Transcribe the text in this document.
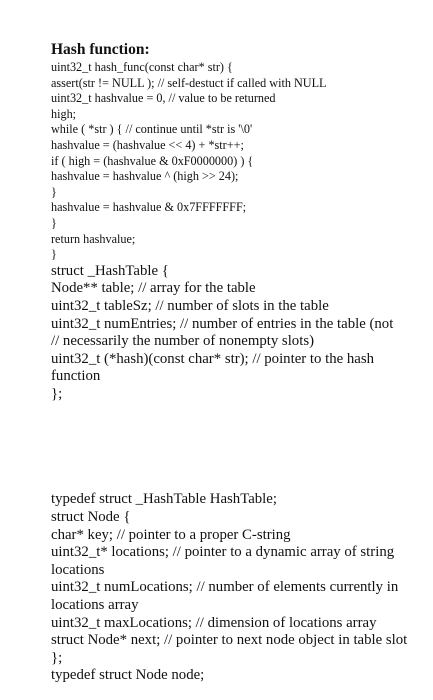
Hash function:
uint32_t hash_func(const char* str) {
assert(str != NULL ); // self-destuct if called with NULL
uint32_t hashvalue = 0, // value to be returned
high;
while ( *str ) { // continue until *str is '\0'
hashvalue = (hashvalue << 4) + *str++;
if ( high = (hashvalue & 0xF0000000) ) {
hashvalue = hashvalue ^ (high >> 24);
}
hashvalue = hashvalue & 0x7FFFFFFF;
}
return hashvalue;
}
struct _HashTable {
Node** table; // array for the table
uint32_t tableSz; // number of slots in the table
uint32_t numEntries; // number of entries in the table (not
// necessarily the number of nonempty slots)
uint32_t (*hash)(const char* str); // pointer to the hash function
};
typedef struct _HashTable HashTable;
struct Node {
char* key; // pointer to a proper C-string
uint32_t* locations; // pointer to a dynamic array of string locations
uint32_t numLocations; // number of elements currently in locations array
uint32_t maxLocations; // dimension of locations array
struct Node* next; // pointer to next node object in table slot
};
typedef struct Node node;
